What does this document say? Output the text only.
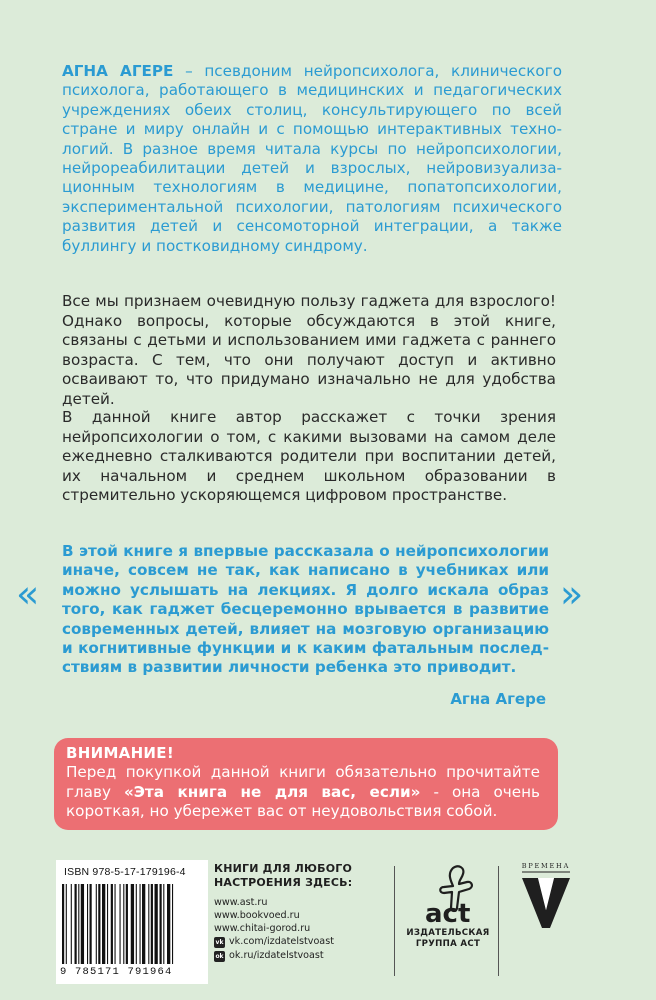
АГНА АГЕРЕ – псевдоним нейропсихолога, клинического психолога, работающего в медицинских и педагогических учреждениях обеих столиц, консультирующего по всей стране и миру онлайн и с помощью интерактивных технологий. В разное время читала курсы по нейропсихологии, нейрореабилитации детей и взрослых, нейровизуализационным технологиям в медицине, попатопсихологии, экспериментальной психологии, патологиям психического развития детей и сенсомоторной интеграции, а также буллингу и постковидному синдрому.
Все мы признаем очевидную пользу гаджета для взрослого! Однако вопросы, которые обсуждаются в этой книге, связаны с детьми и использованием ими гаджета с раннего возраста. С тем, что они получают доступ и активно осваивают то, что придумано изначально не для удобства детей.
В данной книге автор расскажет с точки зрения нейропсихологии о том, с какими вызовами на самом деле ежедневно сталкиваются родители при воспитании детей, их начальном и среднем школьном образовании в стремительно ускоряющемся цифровом пространстве.
«
В этой книге я впервые рассказала о нейропсихологии иначе, совсем не так, как написано в учебниках или можно услышать на лекциях. Я долго искала образ того, как гаджет бесцеремонно врывается в развитие современных детей, влияет на мозговую организацию и когнитивные функции и к каким фатальным последствиям в развитии личности ребенка это приводит.
»
Агна Агере
ВНИМАНИЕ!
Перед покупкой данной книги обязательно прочитайте главу «Эта книга не для вас, если» - она очень короткая, но убережет вас от неудовольствия собой.
ISBN 978-5-17-179196-4
9 785171 791964
КНИГИ ДЛЯ ЛЮБОГО
НАСТРОЕНИЯ ЗДЕСЬ:
www.ast.ru
www.bookvoed.ru
www.chitai-gorod.ru
vk vk.com/izdatelstvoast
ok ok.ru/izdatelstvoast
act
ИЗДАТЕЛЬСКАЯ
ГРУППА АСТ
ВРЕМЕНА
